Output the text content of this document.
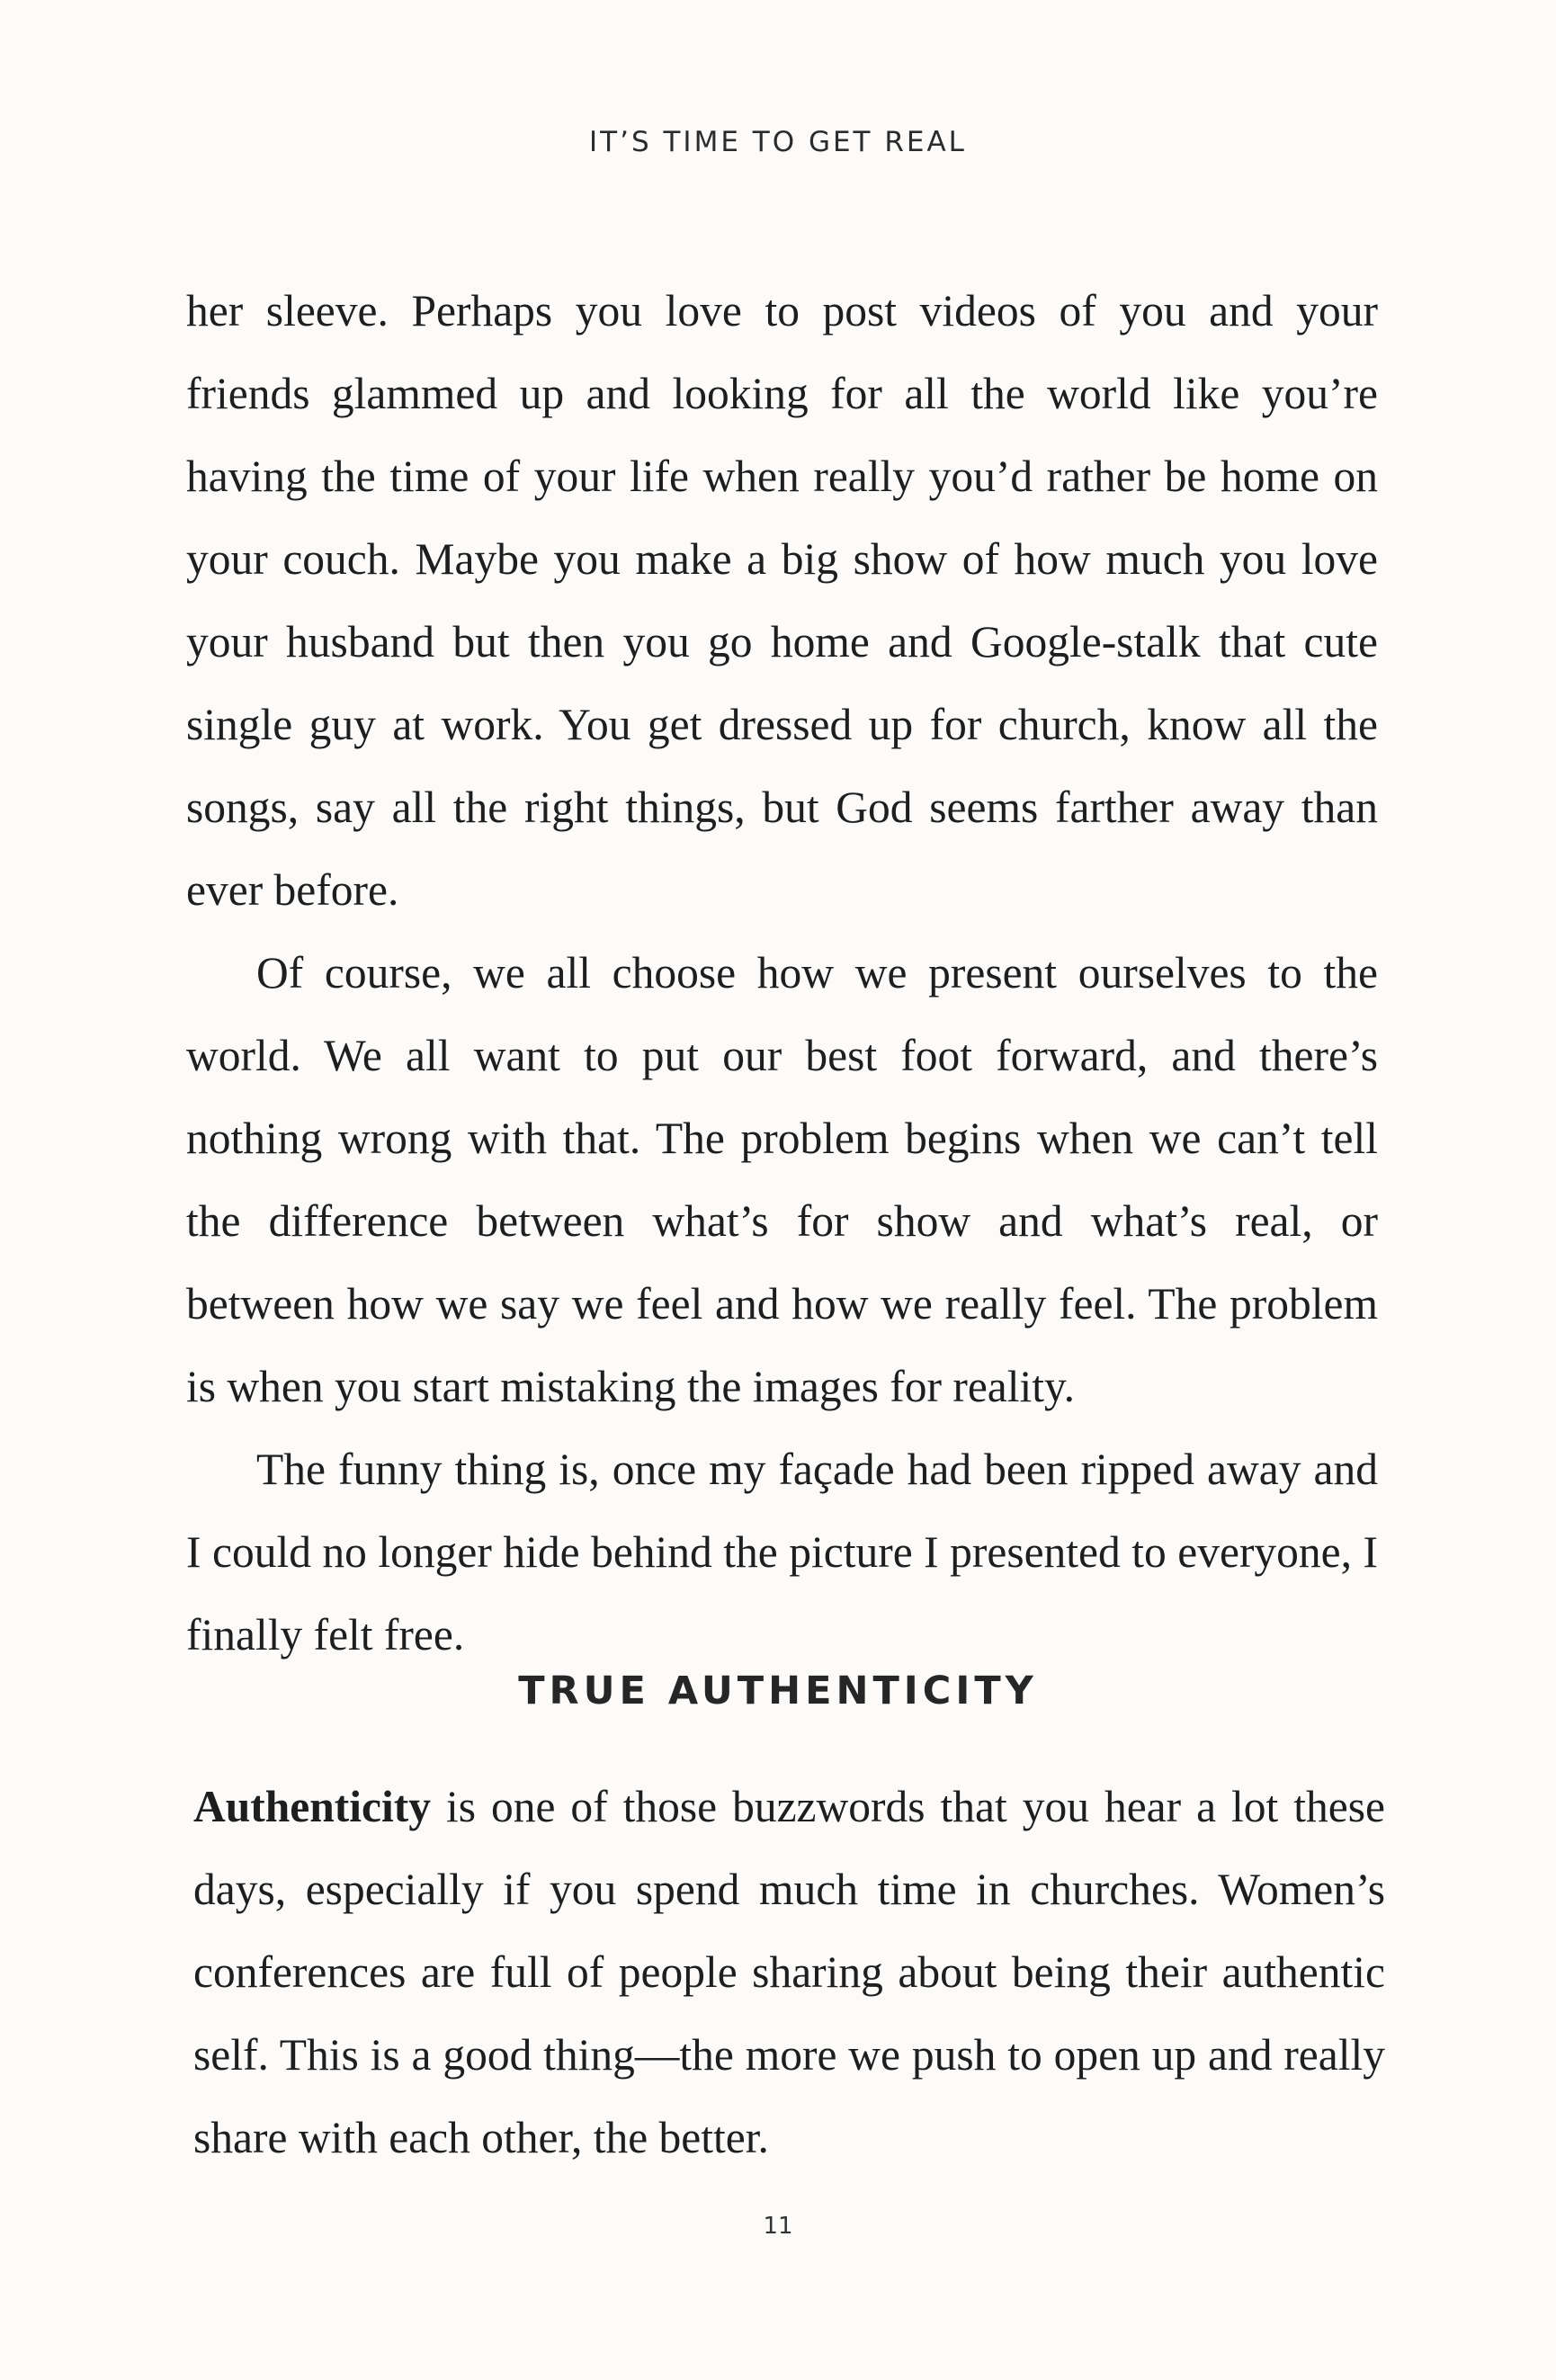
IT’S TIME TO GET REAL

her sleeve. Perhaps you love to post videos of you and your friends glammed up and looking for all the world like you’re having the time of your life when really you’d rather be home on your couch. Maybe you make a big show of how much you love your husband but then you go home and Google-stalk that cute single guy at work. You get dressed up for church, know all the songs, say all the right things, but God seems farther away than ever before.

Of course, we all choose how we present ourselves to the world. We all want to put our best foot forward, and there’s nothing wrong with that. The problem begins when we can’t tell the difference between what’s for show and what’s real, or between how we say we feel and how we really feel. The problem is when you start mistaking the images for reality.

The funny thing is, once my façade had been ripped away and I could no longer hide behind the picture I presented to everyone, I finally felt free.

TRUE AUTHENTICITY

Authenticity is one of those buzzwords that you hear a lot these days, especially if you spend much time in churches. Women’s conferences are full of people sharing about being their authentic self. This is a good thing—the more we push to open up and really share with each other, the better.

11
